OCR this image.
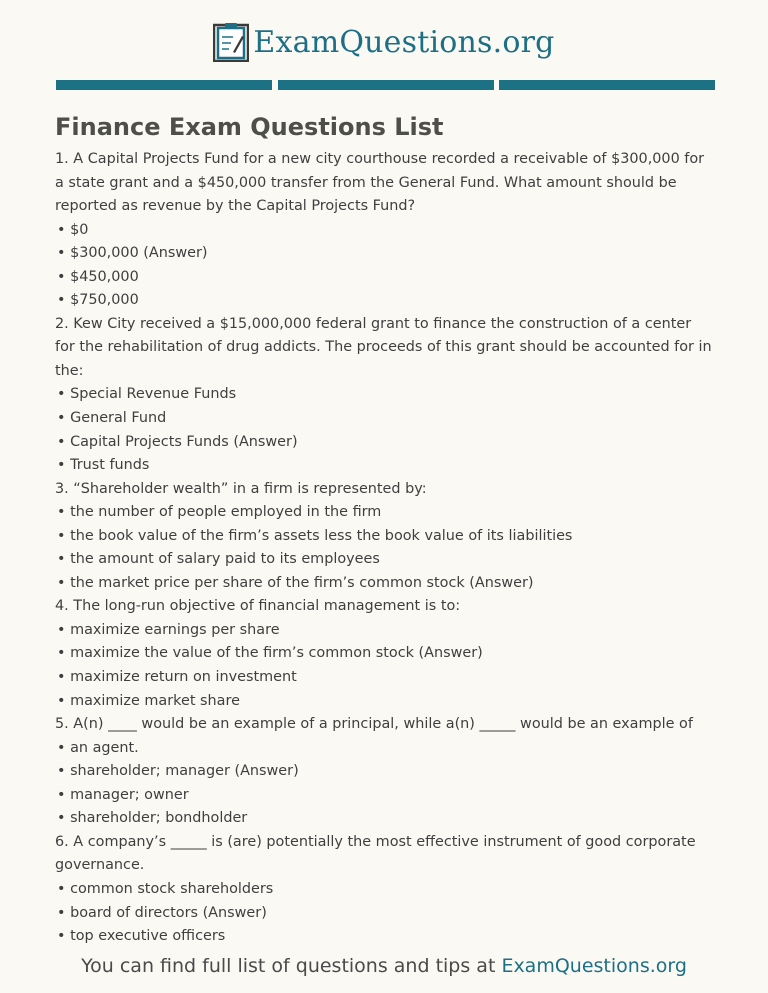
ExamQuestions.org
Finance Exam Questions List

1. A Capital Projects Fund for a new city courthouse recorded a receivable of $300,000 for a state grant and a $450,000 transfer from the General Fund. What amount should be reported as revenue by the Capital Projects Fund?

• $0

• $300,000 (Answer)

• $450,000

• $750,000

2. Kew City received a $15,000,000 federal grant to finance the construction of a center for the rehabilitation of drug addicts. The proceeds of this grant should be accounted for in the:

• Special Revenue Funds

• General Fund

• Capital Projects Funds (Answer)

• Trust funds

3. “Shareholder wealth” in a firm is represented by:

• the number of people employed in the firm

• the book value of the firm’s assets less the book value of its liabilities

• the amount of salary paid to its employees

• the market price per share of the firm’s common stock (Answer)

4. The long-run objective of financial management is to:

• maximize earnings per share

• maximize the value of the firm’s common stock (Answer)

• maximize return on investment

• maximize market share

5. A(n) ____ would be an example of a principal, while a(n) _____ would be an example of

• an agent.

• shareholder; manager (Answer)

• manager; owner

• shareholder; bondholder

6. A company’s _____ is (are) potentially the most effective instrument of good corporate governance.

• common stock shareholders

• board of directors (Answer)

• top executive officers

You can find full list of questions and tips at ExamQuestions.org
